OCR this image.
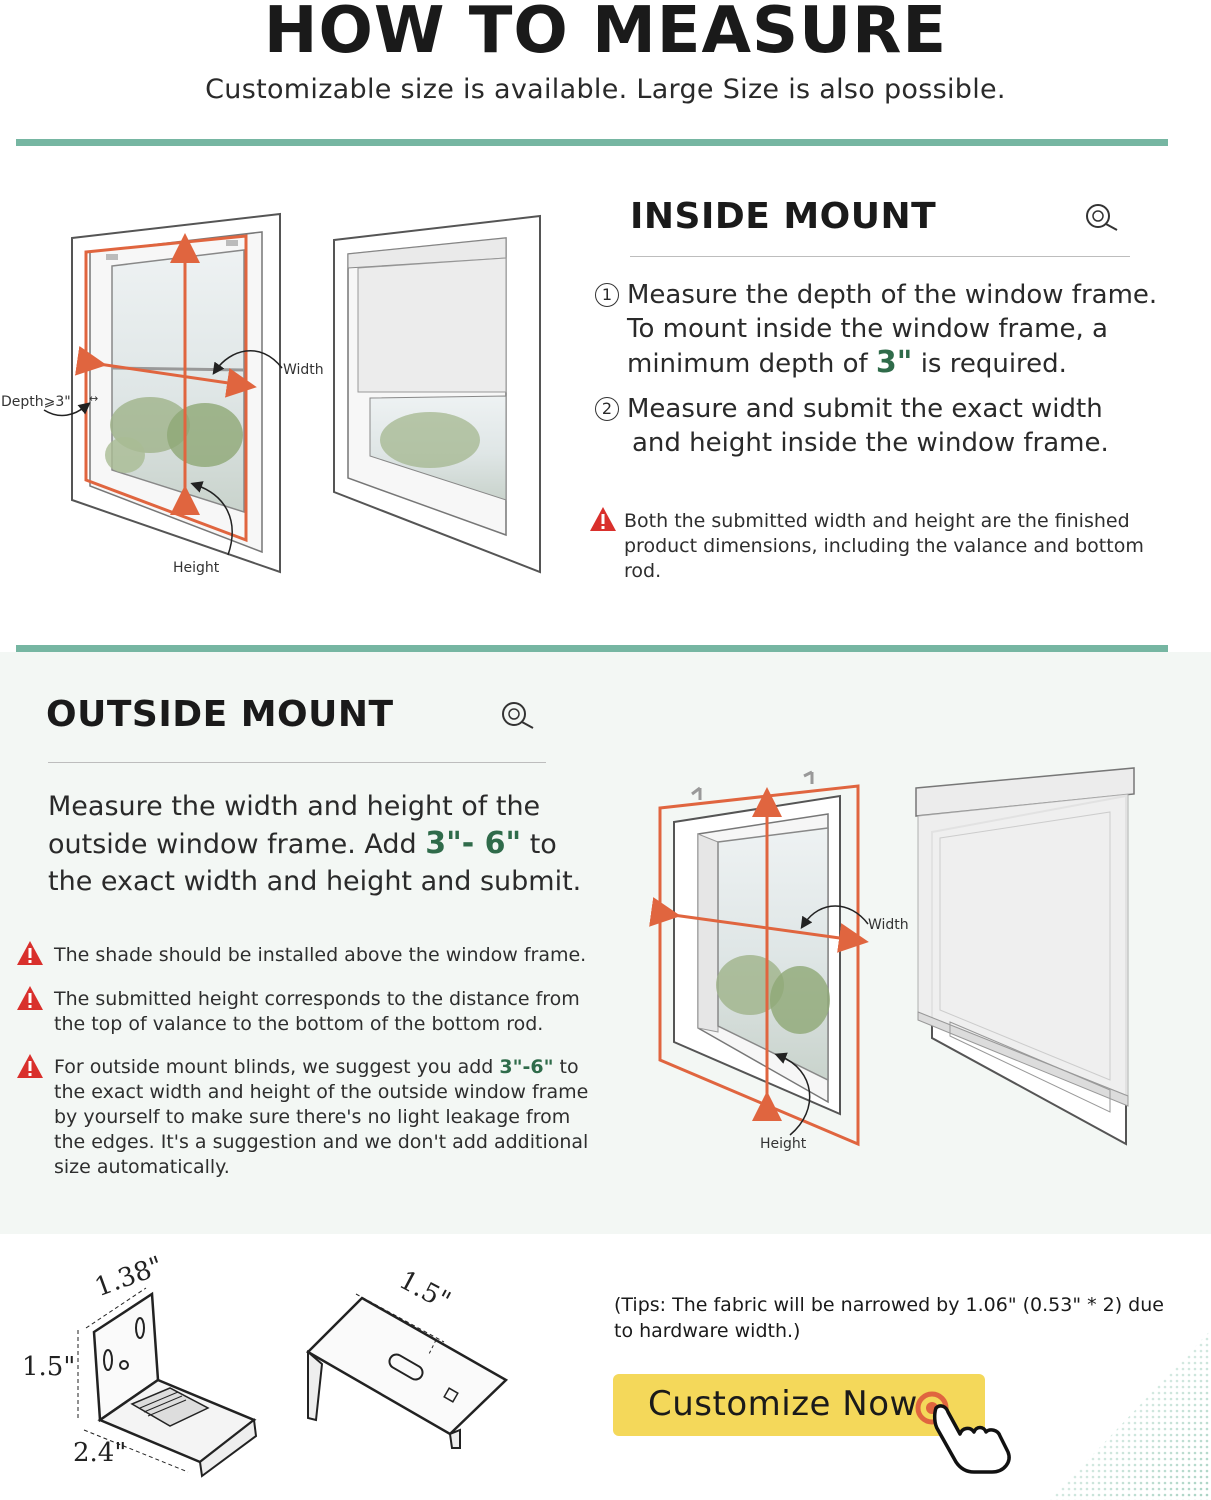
HOW TO MEASURE
Customizable size is available. Large Size is also possible.
↔
Width
Height
Depth⩾3"
INSIDE MOUNT
1 Measure the depth of the window frame.
To mount inside the window frame, a
minimum depth of 3" is required.
2 Measure and submit the exact width
and height inside the window frame.
Both the submitted width and height are the finished product dimensions, including the valance and bottom rod.
OUTSIDE MOUNT
Measure the width and height of the
outside window frame. Add 3"- 6" to
the exact width and height and submit.
The shade should be installed above the window frame.
The submitted height corresponds to the distance from the top of valance to the bottom of the bottom rod.
For outside mount blinds, we suggest you add 3"-6" to the exact width and height of the outside window frame by yourself to make sure there's no light leakage from the edges. It's a suggestion and we don't add additional size automatically.
Width
Height
1.38"
1.5"
2.4"
1.5"	(Tips: The fabric will be narrowed by 1.06" (0.53" * 2) due to hardware width.)
Customize Now
